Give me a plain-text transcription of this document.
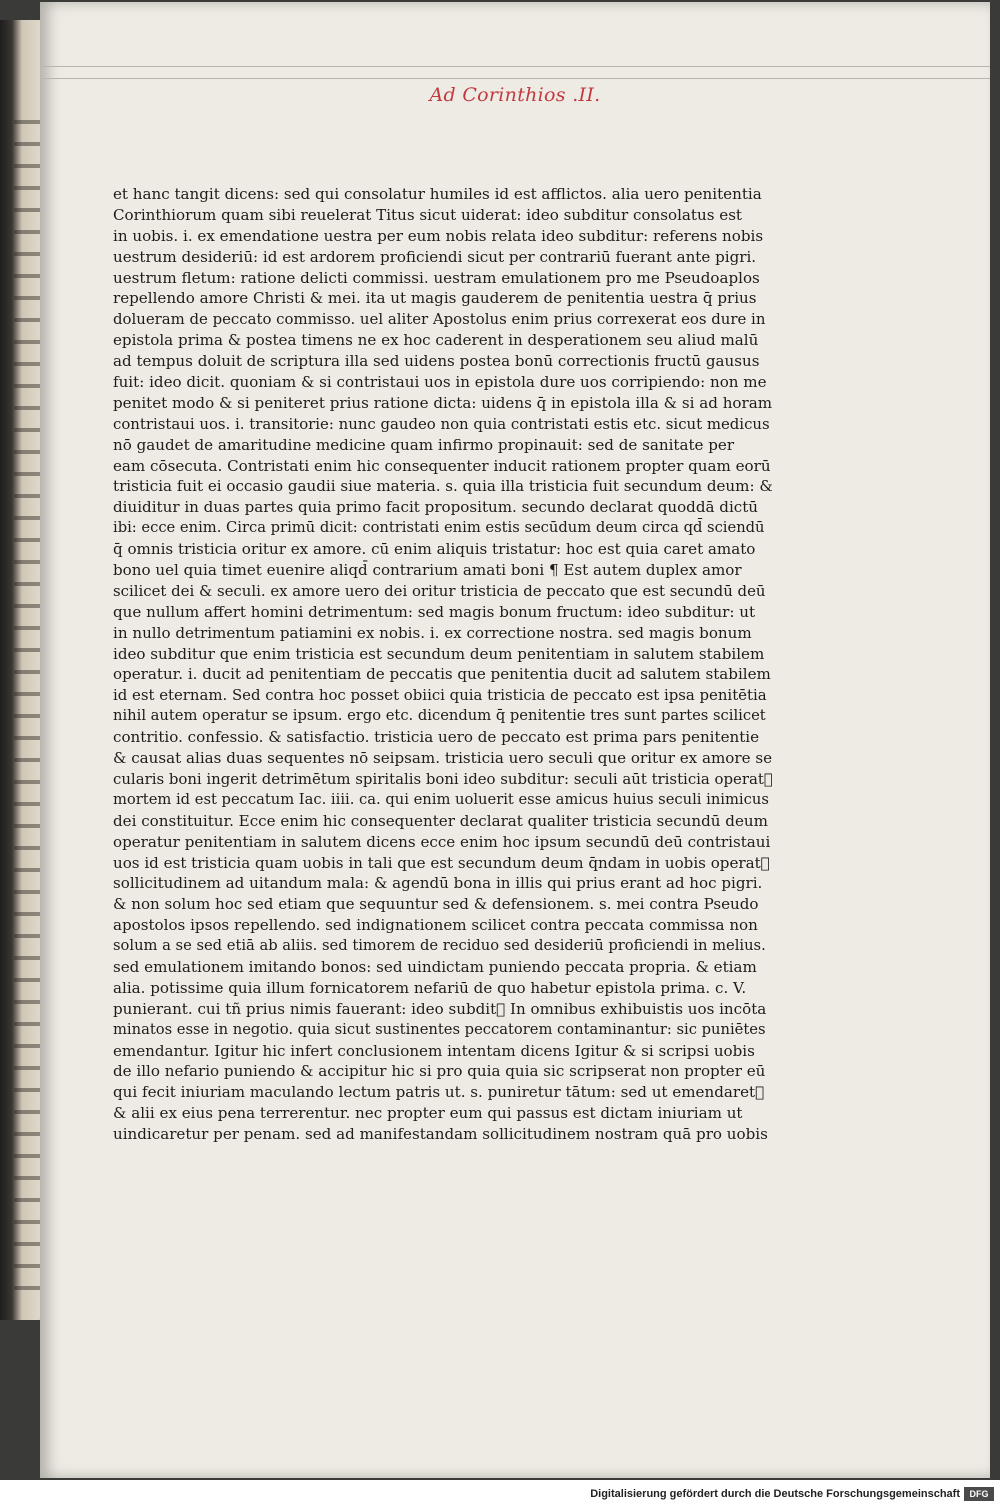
Ad Corinthios .II.
et hanc tangit dicens: sed qui consolatur humiles id est afflictos. alia uero penitentia
Corinthiorum quam sibi reuelerat Titus sicut uiderat: ideo subditur consolatus est
in uobis. i. ex emendatione uestra per eum nobis relata ideo subditur: referens nobis
uestrum desideriū: id est ardorem proficiendi sicut per contrariū fuerant ante pigri.
uestrum fletum: ratione delicti commissi. uestram emulationem pro me Pseudoaplos
repellendo amore Christi & mei. ita ut magis gauderem de penitentia uestra q̄ prius
dolueram de peccato commisso. uel aliter Apostolus enim prius correxerat eos dure in
epistola prima & postea timens ne ex hoc caderent in desperationem seu aliud malū
ad tempus doluit de scriptura illa sed uidens postea bonū correctionis fructū gausus
fuit: ideo dicit. quoniam & si contristaui uos in epistola dure uos corripiendo: non me
penitet modo & si peniteret prius ratione dicta: uidens q̄ in epistola illa & si ad horam
contristaui uos. i. transitorie: nunc gaudeo non quia contristati estis etc. sicut medicus
nō gaudet de amaritudine medicine quam infirmo propinauit: sed de sanitate per
eam cōsecuta. Contristati enim hic consequenter inducit rationem propter quam eorū
tristicia fuit ei occasio gaudii siue materia. s. quia illa tristicia fuit secundum deum: &
diuiditur in duas partes quia primo facit propositum. secundo declarat quoddā dictū
ibi: ecce enim. Circa primū dicit: contristati enim estis secūdum deum circa qd̄ sciendū
q̄ omnis tristicia oritur ex amore. cū enim aliquis tristatur: hoc est quia caret amato
bono uel quia timet euenire aliqd̄ contrarium amati boni ¶ Est autem duplex amor
scilicet dei & seculi. ex amore uero dei oritur tristicia de peccato que est secundū deū
que nullum affert homini detrimentum: sed magis bonum fructum: ideo subditur: ut
in nullo detrimentum patiamini ex nobis. i. ex correctione nostra. sed magis bonum
ideo subditur que enim tristicia est secundum deum penitentiam in salutem stabilem
operatur. i. ducit ad penitentiam de peccatis que penitentia ducit ad salutem stabilem
id est eternam. Sed contra hoc posset obiici quia tristicia de peccato est ipsa penitētia
nihil autem operatur se ipsum. ergo etc. dicendum q̄ penitentie tres sunt partes scilicet
contritio. confessio. & satisfactio. tristicia uero de peccato est prima pars penitentie
& causat alias duas sequentes nō seipsam. tristicia uero seculi que oritur ex amore se
cularis boni ingerit detrimētum spiritalis boni ideo subditur: seculi aūt tristicia operatᷣ
mortem id est peccatum Iac. iiii. ca. qui enim uoluerit esse amicus huius seculi inimicus
dei constituitur. Ecce enim hic consequenter declarat qualiter tristicia secundū deum
operatur penitentiam in salutem dicens ecce enim hoc ipsum secundū deū contristaui
uos id est tristicia quam uobis in tali que est secundum deum q̄ndam in uobis operatᷣ
sollicitudinem ad uitandum mala: & agendū bona in illis qui prius erant ad hoc pigri.
& non solum hoc sed etiam que sequuntur sed & defensionem. s. mei contra Pseudo
apostolos ipsos repellendo. sed indignationem scilicet contra peccata commissa non
solum a se sed etiā ab aliis. sed timorem de reciduo sed desideriū proficiendi in melius.
sed emulationem imitando bonos: sed uindictam puniendo peccata propria. & etiam
alia. potissime quia illum fornicatorem nefariū de quo habetur epistola prima. c. V.
punierant. cui tñ prius nimis fauerant: ideo subditᷣ In omnibus exhibuistis uos incōta
minatos esse in negotio. quia sicut sustinentes peccatorem contaminantur: sic puniētes
emendantur. Igitur hic infert conclusionem intentam dicens Igitur & si scripsi uobis
de illo nefario puniendo & accipitur hic si pro quia quia sic scripserat non propter eū
qui fecit iniuriam maculando lectum patris ut. s. puniretur tātum: sed ut emendaretᷣ
& alii ex eius pena terrerentur. nec propter eum qui passus est dictam iniuriam ut
uindicaretur per penam. sed ad manifestandam sollicitudinem nostram quā pro uobis
Digitalisierung gefördert durch die Deutsche Forschungsgemeinschaft	DFG
